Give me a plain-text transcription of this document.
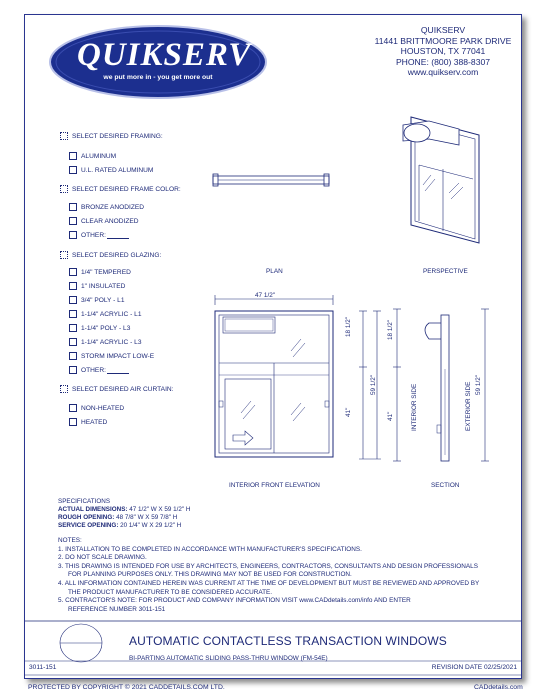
QUIKSERV
we put more in - you get more out
QUIKSERV
11441 BRITTMOORE PARK DRIVE
HOUSTON, TX 77041
PHONE: (800) 388-8307
www.quikserv.com
SELECT DESIRED FRAMING:
ALUMINUM
U.L. RATED ALUMINUM
SELECT DESIRED FRAME COLOR:
BRONZE ANODIZED
CLEAR ANODIZED
OTHER:
SELECT DESIRED GLAZING:
1/4" TEMPERED
1" INSULATED
3/4" POLY - L1
1-1/4" ACRYLIC - L1
1-1/4" POLY - L3
1-1/4" ACRYLIC - L3
STORM IMPACT LOW-E
OTHER:
SELECT DESIRED AIR CURTAIN:
NON-HEATED
HEATED
PLAN	PERSPECTIVE
47 1/2"
INTERIOR FRONT ELEVATION
18 1/2"
41"
59 1/2"
18 1/2"
41"	INTERIOR SIDE	EXTERIOR SIDE 59 1/2"
SECTION
SPECIFICATIONS
ACTUAL DIMENSIONS: 47 1/2" W X 59 1/2" H
ROUGH OPENING: 48 7/8" W X 59 7/8" H
SERVICE OPENING: 20 1/4" W X 29 1/2" H
NOTES:
1. INSTALLATION TO BE COMPLETED IN ACCORDANCE WITH MANUFACTURER'S SPECIFICATIONS.
2. DO NOT SCALE DRAWING.
3. THIS DRAWING IS INTENDED FOR USE BY ARCHITECTS, ENGINEERS, CONTRACTORS, CONSULTANTS AND DESIGN PROFESSIONALS
FOR PLANNING PURPOSES ONLY. THIS DRAWING MAY NOT BE USED FOR CONSTRUCTION.
4. ALL INFORMATION CONTAINED HEREIN WAS CURRENT AT THE TIME OF DEVELOPMENT BUT MUST BE REVIEWED AND APPROVED BY
THE PRODUCT MANUFACTURER TO BE CONSIDERED ACCURATE.
5. CONTRACTOR'S NOTE: FOR PRODUCT AND COMPANY INFORMATION VISIT www.CADdetails.com/info AND ENTER
REFERENCE NUMBER 3011-151
AUTOMATIC CONTACTLESS TRANSACTION WINDOWS
BI-PARTING AUTOMATIC SLIDING PASS-THRU WINDOW (FM-54E)
3011-151	REVISION DATE 02/25/2021
PROTECTED BY COPYRIGHT © 2021 CADDETAILS.COM LTD.	CADdetails.com
